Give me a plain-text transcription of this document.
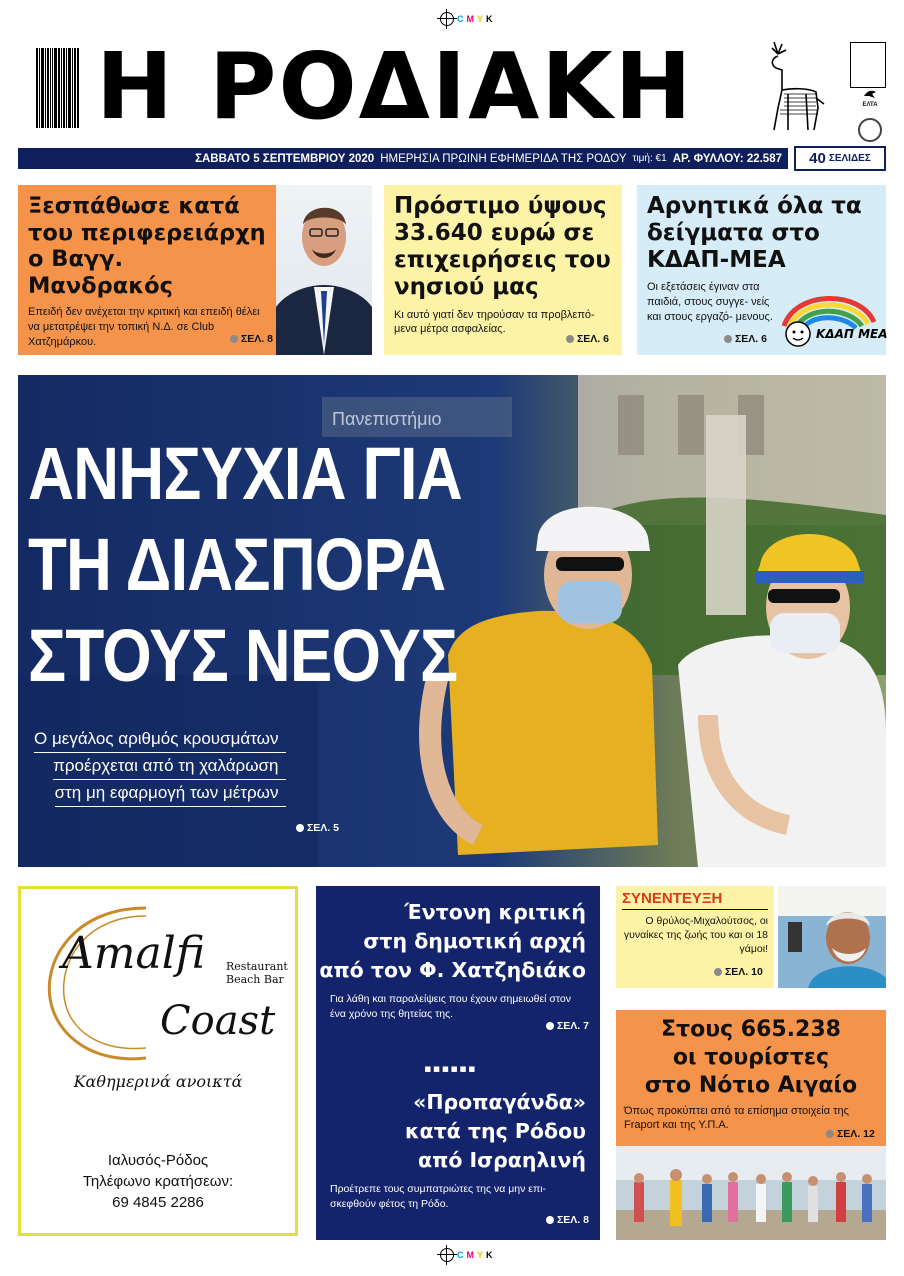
C M Y K
Η ΡΟΔΙΑΚΗ	ΕΛΤΑ
ΣΑΒΒΑΤΟ 5 ΣΕΠΤΕΜΒΡΙΟΥ 2020 ΗΜΕΡΗΣΙΑ ΠΡΩΙΝΗ ΕΦΗΜΕΡΙΔΑ ΤΗΣ ΡΟΔΟΥ τιμή: €1 ΑΡ. ΦΥΛΛΟΥ: 22.587 40 ΣΕΛΙΔΕΣ
Ξεσπάθωσε κατά του περιφερειάρχη ο Βαγγ. Μανδρακός

Επειδή δεν ανέχεται την κριτική και επειδή θέλει να μετατρέψει την τοπική Ν.Δ. σε Club Χατζημάρκου.	ΣΕΛ. 8
Πρόστιμο ύψους 33.640 ευρώ σε επιχειρήσεις του νησιού μας

Κι αυτό γιατί δεν τηρούσαν τα προβλεπό- μενα μέτρα ασφαλείας.

ΣΕΛ. 6
Αρνητικά όλα τα δείγματα στο ΚΔΑΠ-ΜΕΑ

Οι εξετάσεις έγιναν στα παιδιά, στους συγγε- νείς και στους εργαζό- μενους.

ΣΕΛ. 6	ΚΔΑΠ ΜΕΑ
Πανεπιστήμιο
ΑΝΗΣΥΧΙΑ ΓΙΑ
ΤΗ ΔΙΑΣΠΟΡΑ
ΣΤΟΥΣ ΝΕΟΥΣ
Ο μεγάλος αριθμός κρουσμάτων
προέρχεται από τη χαλάρωση
στη μη εφαρμογή των μέτρων
ΣΕΛ. 5
Amalfi Restaurant
Beach Bar
Coast
Καθημερινά ανοικτά
Ιαλυσός-Ρόδος
Τηλέφωνο κρατήσεων:
69 4845 2286
Έντονη κριτική
στη δημοτική αρχή
από τον Φ. Χατζηδιάκο

Για λάθη και παραλείψεις που έχουν σημειωθεί στον ένα χρόνο της θητείας της.

ΣΕΛ. 7
▪▪▪▪▪▪
«Προπαγάνδα»
κατά της Ρόδου
από Ισραηλινή

Προέτρεπε τους συμπατριώτες της να μην επι- σκεφθούν φέτος τη Ρόδο.

ΣΕΛ. 8
ΣΥΝΕΝΤΕΥΞΗ

Ο θρύλος-Μιχαλούτσος, οι γυναίκες της ζωής του και οι 18 γάμοι!

ΣΕΛ. 10
Στους 665.238
οι τουρίστες
στο Νότιο Αιγαίο

Όπως προκύπτει από τα επίσημα στοιχεία της Fraport και της Υ.Π.Α.

ΣΕΛ. 12
C M Y K
